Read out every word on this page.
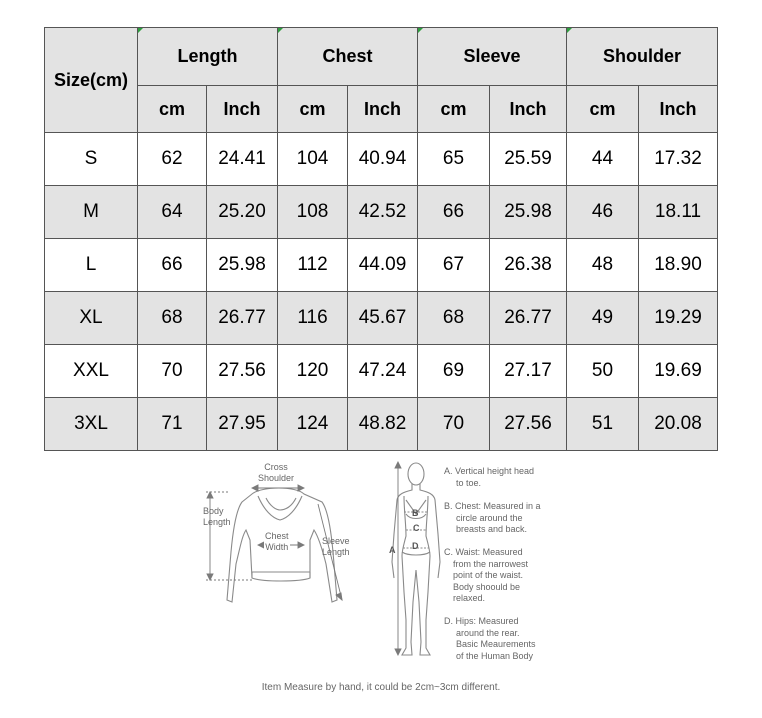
Size(cm)	Length		Chest		Sleeve		Shoulder	
	cm	Inch	cm	Inch	cm	Inch	cm	Inch
S	62	24.41	104	40.94	65	25.59	44	17.32
M	64	25.20	108	42.52	66	25.98	46	18.11
L	66	25.98	112	44.09	67	26.38	48	18.90
XL	68	26.77	116	45.67	68	26.77	49	19.29
XXL	70	27.56	120	47.24	69	27.17	50	19.69
3XL	71	27.95	124	48.82	70	27.56	51	20.08
Cross
Shoulder
Body
Length
Chest
Width
Sleeve
Length	A
B
C
D
A. Vertical height head
to toe.
B. Chest: Measured in a
circle around the
breasts and back.
C. Waist: Measured
from the narrowest
point of the waist.
Body shoould be
relaxed.
D. Hips: Measured
around the rear.
Basic Meaurements
of the Human Body
Item Measure by hand, it could be 2cm~3cm different.
